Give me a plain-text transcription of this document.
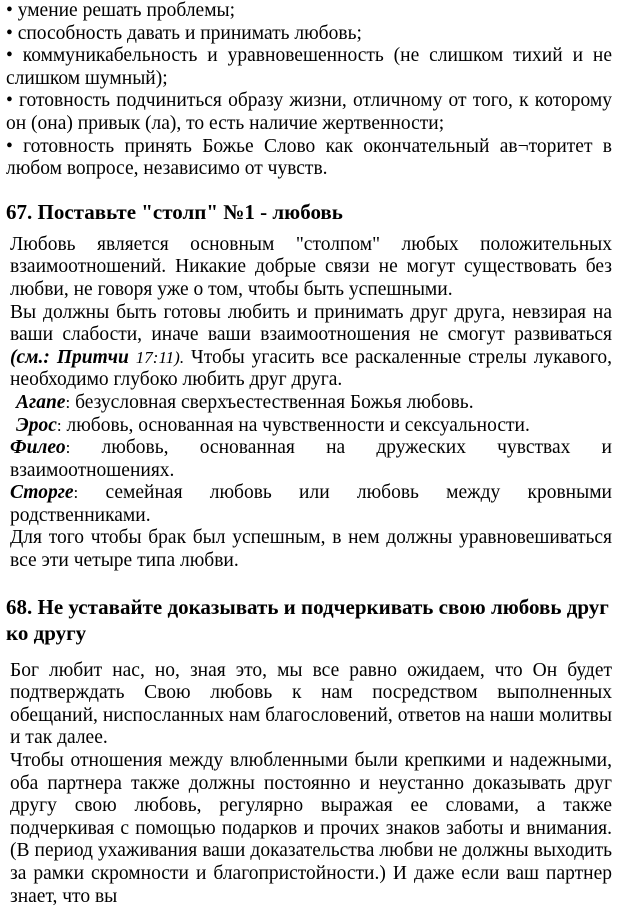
• умение решать проблемы;

• способность давать и принимать любовь;

• коммуникабельность и уравновешенность (не слишком тихий и не слишком шумный);

• готовность подчиниться образу жизни, отличному от того, к которому он (она) привык (ла), то есть наличие жертвенности;

• готовность принять Божье Слово как окончательный ав¬торитет в любом вопросе, независимо от чувств.

67. Поставьте "столп" №1 - любовь

Любовь является основным "столпом" любых положительных взаимоотношений. Никакие добрые связи не могут существовать без любви, не говоря уже о том, чтобы быть успешными.

Вы должны быть готовы любить и принимать друг друга, невзирая на ваши слабости, иначе ваши взаимоотношения не смогут развиваться (см.: Притчи 17:11). Чтобы угасить все раскаленные стрелы лукавого, необходимо глубоко любить друг друга.

Агапе: безусловная сверхъестественная Божья любовь.

Эрос: любовь, основанная на чувственности и сексуальности.

Филео: любовь, основанная на дружеских чувствах и взаимоотношениях.

Сторге: семейная любовь или любовь между кровными родственниками.

Для того чтобы брак был успешным, в нем должны уравновешиваться все эти четыре типа любви.

68. Не уставайте доказывать и подчеркивать свою любовь друг ко другу

Бог любит нас, но, зная это, мы все равно ожидаем, что Он будет подтверждать Свою любовь к нам посредством выполненных обещаний, ниспосланных нам благословений, ответов на наши молитвы и так далее.

Чтобы отношения между влюбленными были крепкими и надежными, оба партнера также должны постоянно и неустанно доказывать друг другу свою любовь, регулярно выражая ее словами, а также подчеркивая с помощью подарков и прочих знаков заботы и внимания. (В период ухаживания ваши доказательства любви не должны выходить за рамки скромности и благопристойности.) И даже если ваш партнер знает, что вы
